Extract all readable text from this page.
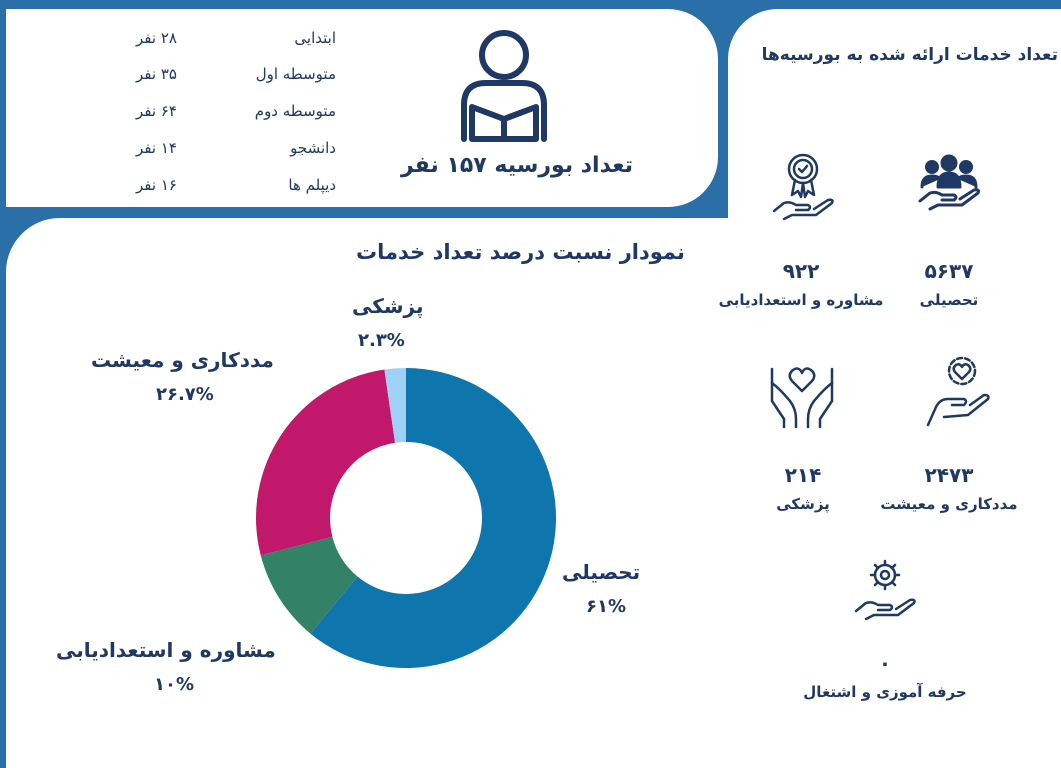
تعداد بورسیه ۱۵۷ نفر
ابتدایی
۲۸ نفر
متوسطه اول
۳۵ نفر
متوسطه دوم
۶۴ نفر
دانشجو
۱۴ نفر
دیپلم ها
۱۶ نفر
نمودار نسبت درصد تعداد خدمات
تحصیلی
۶۱%
مشاوره و استعدادیابی
۱۰%
مددکاری و معیشت
۲۶.۷%
پزشکی
۲.۳%
تعداد خدمات ارائه شده به بورسیه‌ها
۵۶۳۷
تحصیلی
۹۲۲
مشاوره و استعدادیابی
۲۴۷۳
مددکاری و معیشت
۲۱۴
پزشکی
۰
حرفه آموزی و اشتغال
